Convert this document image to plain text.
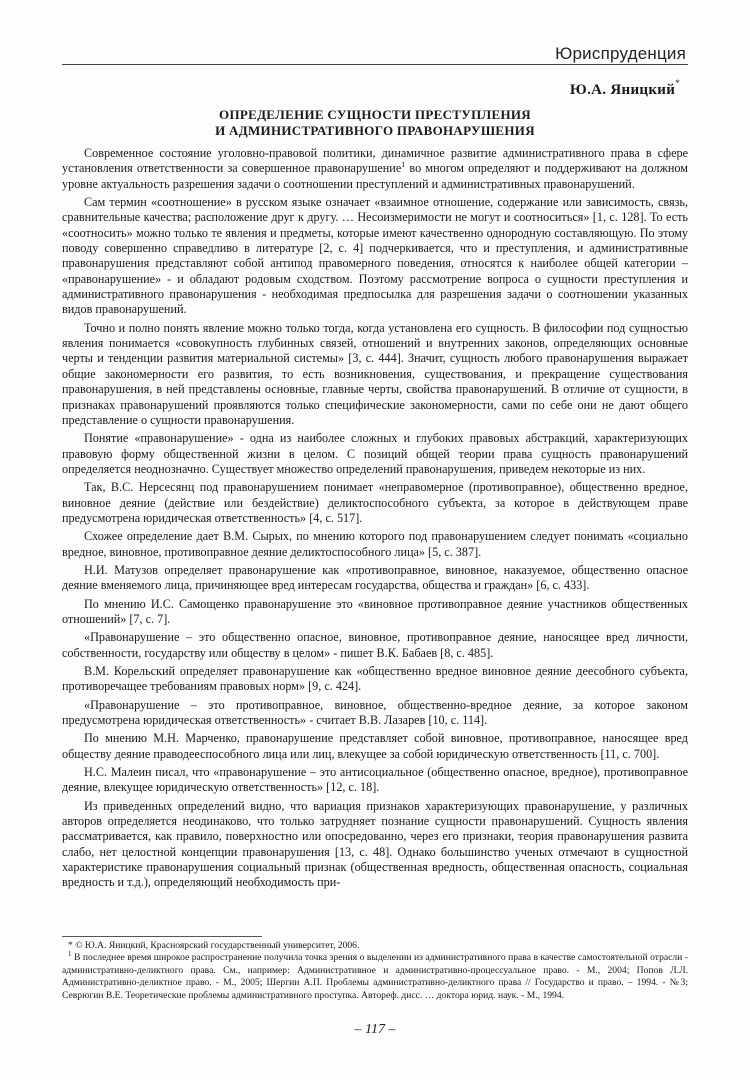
Юриспруденция
Ю.А. Яницкий*
ОПРЕДЕЛЕНИЕ СУЩНОСТИ ПРЕСТУПЛЕНИЯ
И АДМИНИСТРАТИВНОГО ПРАВОНАРУШЕНИЯ

Современное состояние уголовно-правовой политики, динамичное развитие административного права в сфере установления ответственности за совершенное правонарушение$^1$ во многом определяют и поддерживают на должном уровне актуальность разрешения задачи о соотношении преступлений и административных правонарушений.

Сам термин «соотношение» в русском языке означает «взаимное отношение, содержание или зависимость, связь, сравнительные качества; расположение друг к другу. … Несоизмеримости не могут и соотноситься» [1, с. 128]. То есть «соотносить» можно только те явления и предметы, которые имеют качественно однородную составляющую. По этому поводу совершенно справедливо в литературе [2, с. 4] подчеркивается, что и преступления, и административные правонарушения представляют собой антипод правомерного поведения, относятся к наиболее общей категории – «правонарушение» - и обладают родовым сходством. Поэтому рассмотрение вопроса о сущности преступления и административного правонарушения - необходимая предпосылка для разрешения задачи о соотношении указанных видов правонарушений.

Точно и полно понять явление можно только тогда, когда установлена его сущность. В философии под сущностью явления понимается «совокупность глубинных связей, отношений и внутренних законов, определяющих основные черты и тенденции развития материальной системы» [3, с. 444]. Значит, сущность любого правонарушения выражает общие закономерности его развития, то есть возникновения, существования, и прекращение существования правонарушения, в ней представлены основные, главные черты, свойства правонарушений. В отличие от сущности, в признаках правонарушений проявляются только специфические закономерности, сами по себе они не дают общего представление о сущности правонарушения.

Понятие «правонарушение» - одна из наиболее сложных и глубоких правовых абстракций, характеризующих правовую форму общественной жизни в целом. С позиций общей теории права сущность правонарушений определяется неоднозначно. Существует множество определений правонарушения, приведем некоторые из них.

Так, В.С. Нерсесянц под правонарушением понимает «неправомерное (противоправное), общественно вредное, виновное деяние (действие или бездействие) деликтоспособного субъекта, за которое в действующем праве предусмотрена юридическая ответственность» [4, с. 517].

Схожее определение дает В.М. Сырых, по мнению которого под правонарушением следует понимать «социально вредное, виновное, противоправное деяние деликтоспособного лица» [5, с. 387].

Н.И. Матузов определяет правонарушение как «противоправное, виновное, наказуемое, общественно опасное деяние вменяемого лица, причиняющее вред интересам государства, общества и граждан» [6, с. 433].

По мнению И.С. Самощенко правонарушение это «виновное противоправное деяние участников общественных отношений» [7, с. 7].

«Правонарушение – это общественно опасное, виновное, противоправное деяние, наносящее вред личности, собственности, государству или обществу в целом» - пишет В.К. Бабаев [8, с. 485].

В.М. Корельский определяет правонарушение как «общественно вредное виновное деяние деесобного субъекта, противоречащее требованиям правовых норм» [9, с. 424].

«Правонарушение – это противоправное, виновное, общественно-вредное деяние, за которое законом предусмотрена юридическая ответственность» - считает В.В. Лазарев [10, с. 114].

По мнению М.Н. Марченко, правонарушение представляет собой виновное, противоправное, наносящее вред обществу деяние праводееспособного лица или лиц, влекущее за собой юридическую ответственность [11, с. 700].

Н.С. Малеин писал, что «правонарушение – это антисоциальное (общественно опасное, вредное), противоправное деяние, влекущее юридическую ответственность» [12, с. 18].

Из приведенных определений видно, что вариация признаков характеризующих правонарушение, у различных авторов определяется неодинаково, что только затрудняет познание сущности правонарушений. Сущность явления рассматривается, как правило, поверхностно или опосредованно, через его признаки, теория правонарушения развита слабо, нет целостной концепции правонарушения [13, с. 48]. Однако большинство ученых отмечают в сущностной характеристике правонарушения социальный признак (общественная вредность, общественная опасность, социальная вредность и т.д.), определяющий необходимость при-

* © Ю.А. Яницкий, Красноярский государственный университет, 2006.

$^1$ В последнее время широкое распространение получила точка зрения о выделении из административного права в качестве самостоятельной отрасли - административно-деликтного права. См., например: Административное и административно-процессуальное право. - М., 2004; Попов Л.Л. Административно-деликтное право. - М., 2005; Шергин А.П. Проблемы административно-деликтного права // Государство и право. – 1994. - №3; Севрюгин В.Е. Теоретические проблемы административного проступка. Автореф. дисс. … доктора юрид. наук. - М., 1994.

– 117 –
